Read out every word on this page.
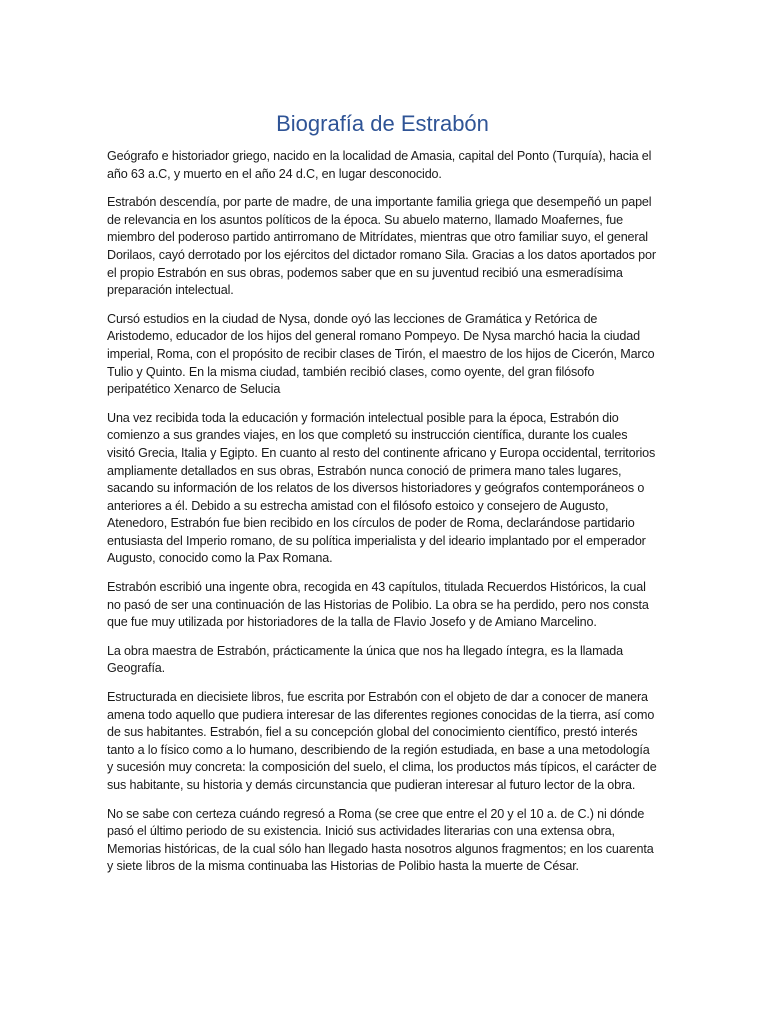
Biografía de Estrabón

Geógrafo e historiador griego, nacido en la localidad de Amasia, capital del Ponto (Turquía), hacia el año 63 a.C, y muerto en el año 24 d.C, en lugar desconocido.

Estrabón descendía, por parte de madre, de una importante familia griega que desempeñó un papel de relevancia en los asuntos políticos de la época. Su abuelo materno, llamado Moafernes, fue miembro del poderoso partido antirromano de Mitrídates, mientras que otro familiar suyo, el general Dorilaos, cayó derrotado por los ejércitos del dictador romano Sila. Gracias a los datos aportados por el propio Estrabón en sus obras, podemos saber que en su juventud recibió una esmeradísima preparación intelectual.

Cursó estudios en la ciudad de Nysa, donde oyó las lecciones de Gramática y Retórica de Aristodemo, educador de los hijos del general romano Pompeyo. De Nysa marchó hacia la ciudad imperial, Roma, con el propósito de recibir clases de Tirón, el maestro de los hijos de Cicerón, Marco Tulio y Quinto. En la misma ciudad, también recibió clases, como oyente, del gran filósofo peripatético Xenarco de Selucia

Una vez recibida toda la educación y formación intelectual posible para la época, Estrabón dio comienzo a sus grandes viajes, en los que completó su instrucción científica, durante los cuales visitó Grecia, Italia y Egipto. En cuanto al resto del continente africano y Europa occidental, territorios ampliamente detallados en sus obras, Estrabón nunca conoció de primera mano tales lugares, sacando su información de los relatos de los diversos historiadores y geógrafos contemporáneos o anteriores a él. Debido a su estrecha amistad con el filósofo estoico y consejero de Augusto, Atenedoro, Estrabón fue bien recibido en los círculos de poder de Roma, declarándose partidario entusiasta del Imperio romano, de su política imperialista y del ideario implantado por el emperador Augusto, conocido como la Pax Romana.

Estrabón escribió una ingente obra, recogida en 43 capítulos, titulada Recuerdos Históricos, la cual no pasó de ser una continuación de las Historias de Polibio. La obra se ha perdido, pero nos consta que fue muy utilizada por historiadores de la talla de Flavio Josefo y de Amiano Marcelino.

La obra maestra de Estrabón, prácticamente la única que nos ha llegado íntegra, es la llamada Geografía.

Estructurada en diecisiete libros, fue escrita por Estrabón con el objeto de dar a conocer de manera amena todo aquello que pudiera interesar de las diferentes regiones conocidas de la tierra, así como de sus habitantes. Estrabón, fiel a su concepción global del conocimiento científico, prestó interés tanto a lo físico como a lo humano, describiendo de la región estudiada, en base a una metodología y sucesión muy concreta: la composición del suelo, el clima, los productos más típicos, el carácter de sus habitante, su historia y demás circunstancia que pudieran interesar al futuro lector de la obra.

No se sabe con certeza cuándo regresó a Roma (se cree que entre el 20 y el 10 a. de C.) ni dónde pasó el último periodo de su existencia. Inició sus actividades literarias con una extensa obra, Memorias históricas, de la cual sólo han llegado hasta nosotros algunos fragmentos; en los cuarenta y siete libros de la misma continuaba las Historias de Polibio hasta la muerte de César.
